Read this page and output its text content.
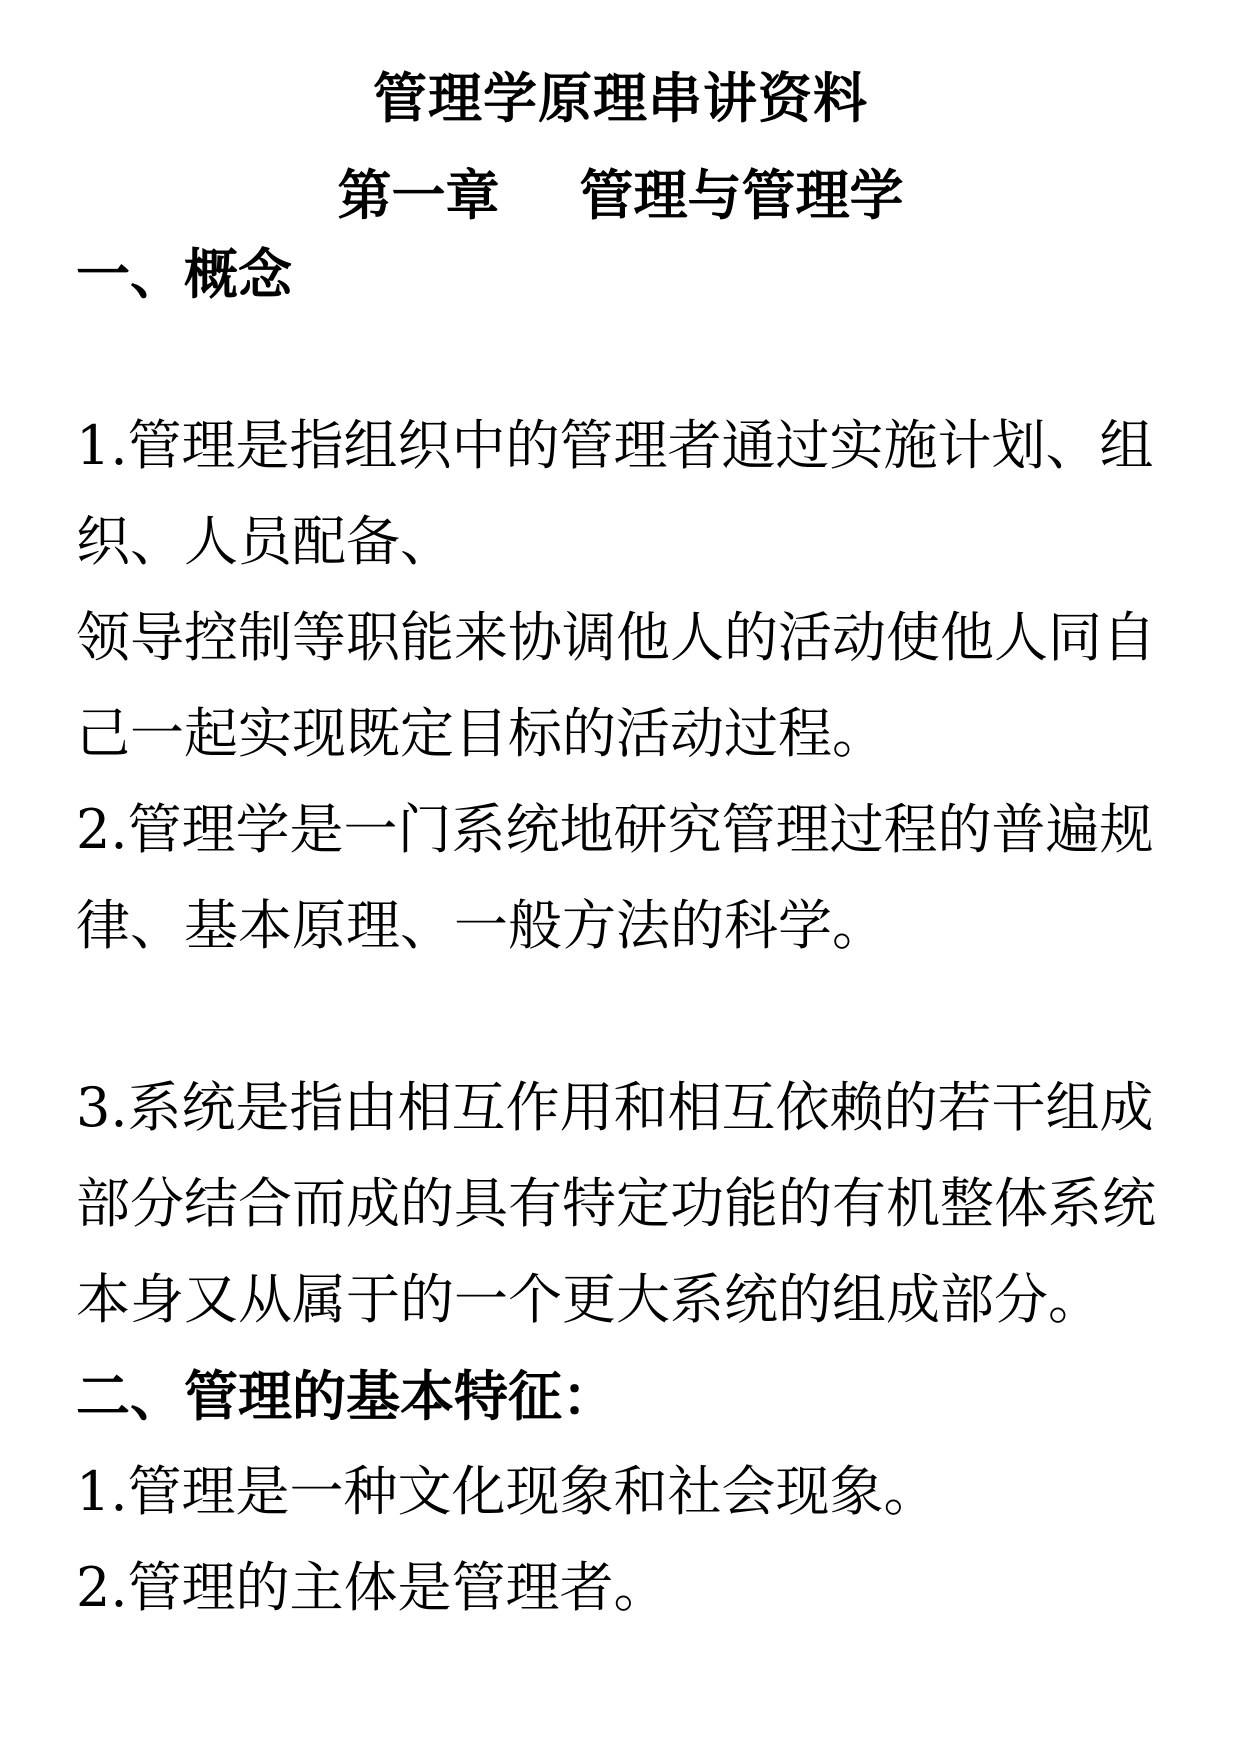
管理学原理串讲资料
第一章 管理与管理学
一、概念
1.管理是指组织中的管理者通过实施计划、组
织、人员配备、
领导控制等职能来协调他人的活动使他人同自
己一起实现既定目标的活动过程。
2.管理学是一门系统地研究管理过程的普遍规
律、基本原理、一般方法的科学。
3.系统是指由相互作用和相互依赖的若干组成
部分结合而成的具有特定功能的有机整体系统
本身又从属于的一个更大系统的组成部分。
二、管理的基本特征：
1.管理是一种文化现象和社会现象。
2.管理的主体是管理者。
